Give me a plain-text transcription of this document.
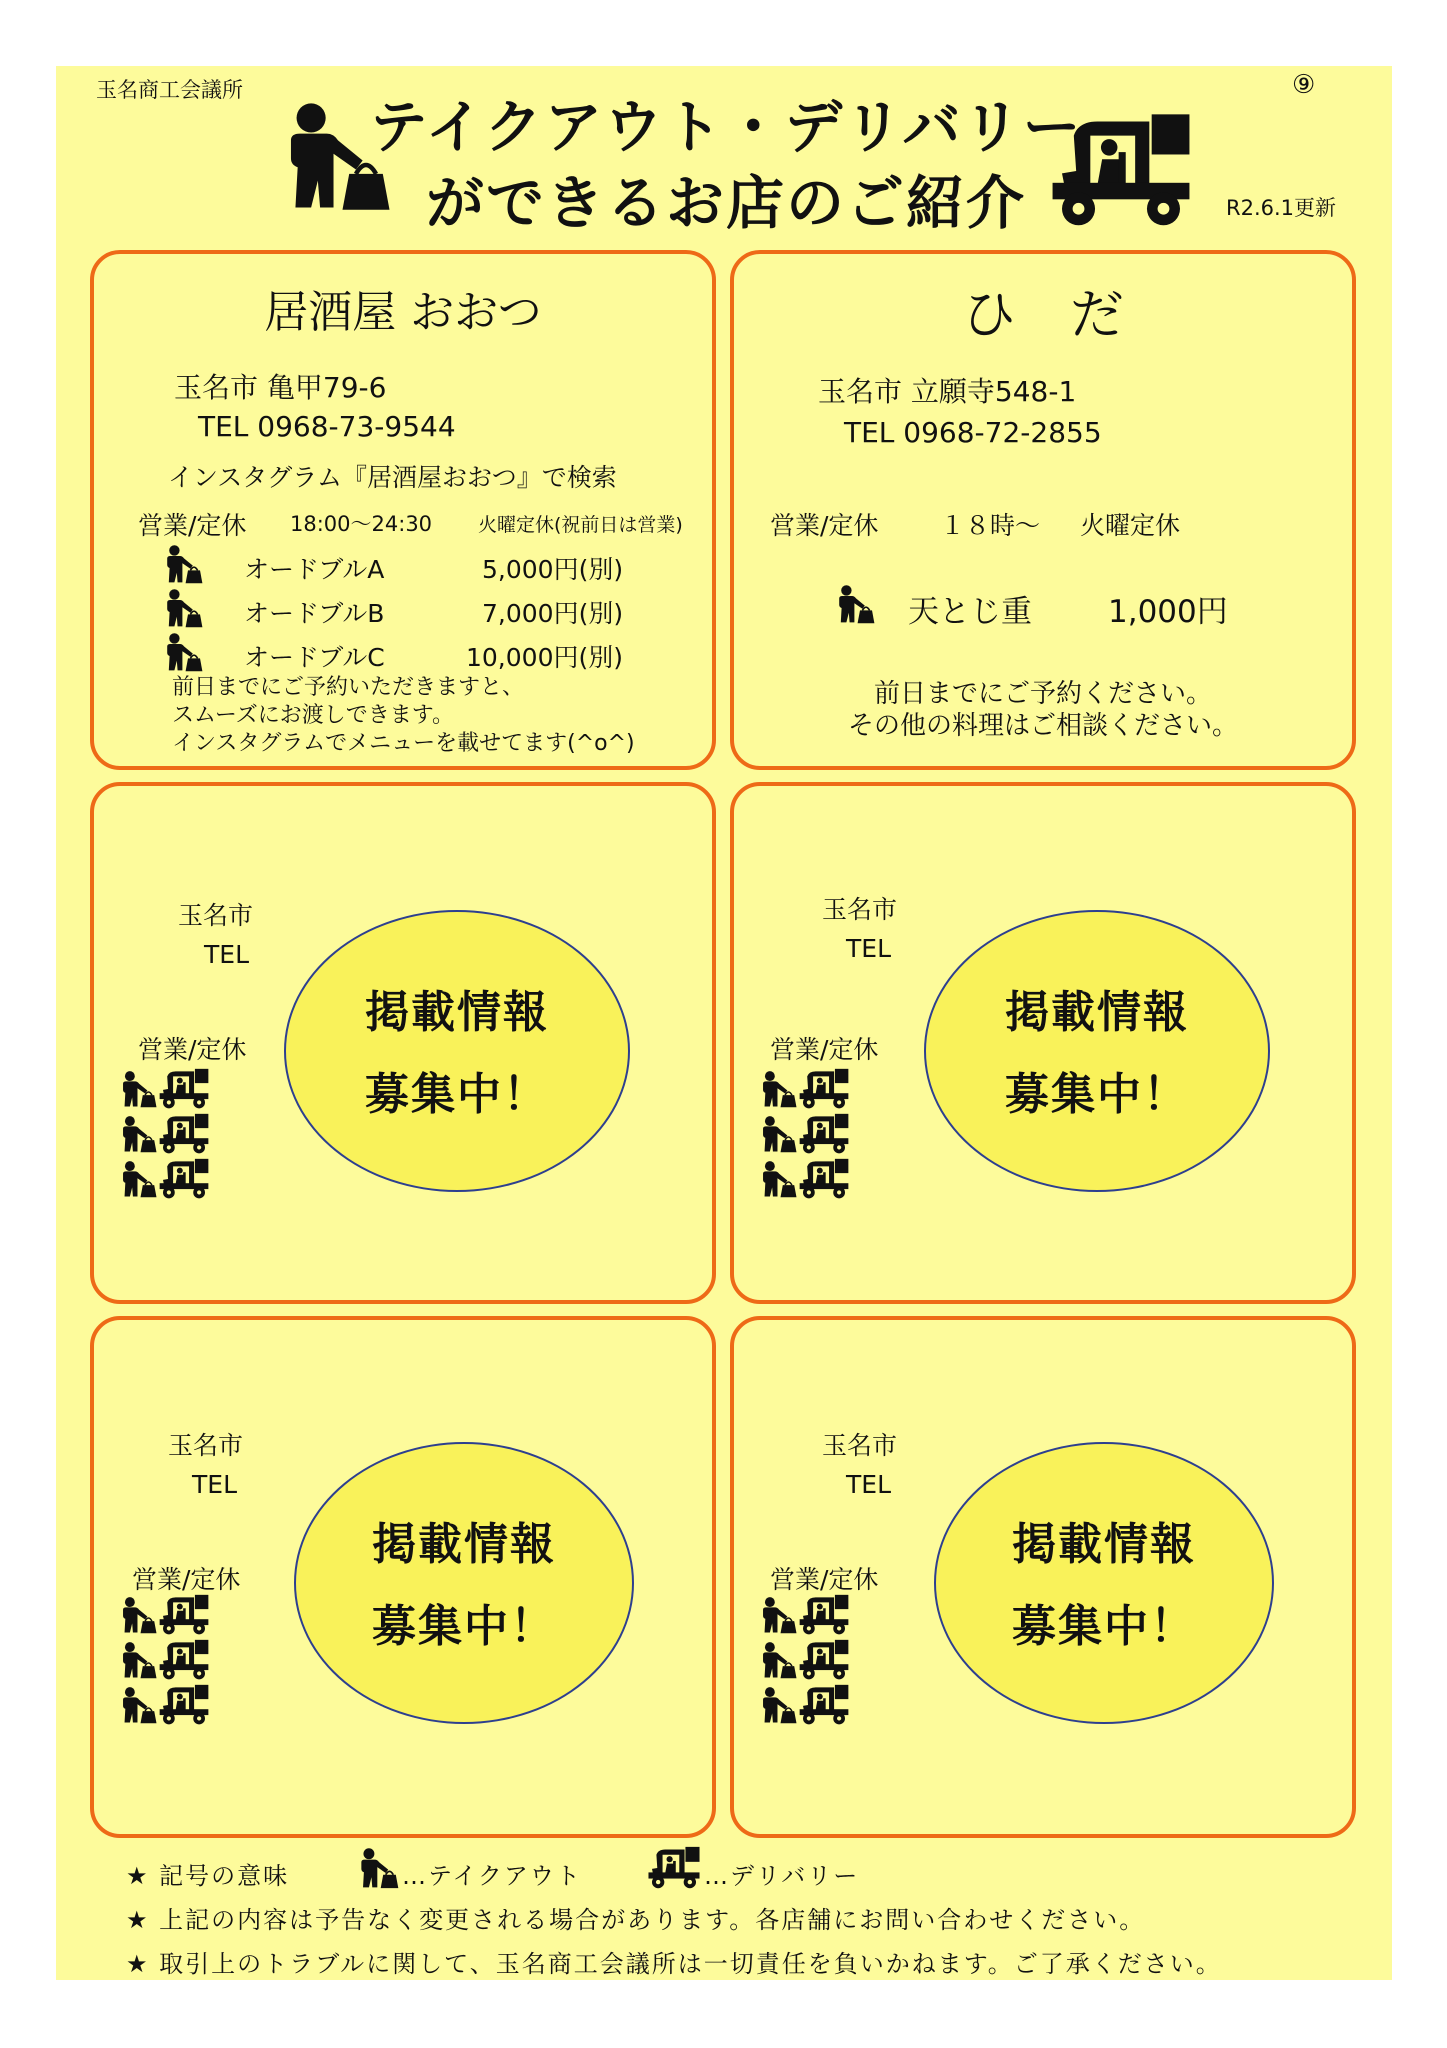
玉名商工会議所	⑨
R2.6.1更新
テイクアウト・デリバリー
ができるお店のご紹介
居酒屋 おおつ
玉名市 亀甲79-6
TEL 0968-73-9544
インスタグラム『居酒屋おおつ』で検索
営業/定休 18:00～24:30 火曜定休(祝前日は営業)
オードブルA	5,000円(別)
オードブルB	7,000円(別)
オードブルC	10,000円(別)
前日までにご予約いただきますと、
スムーズにお渡しできます。
インスタグラムでメニューを載せてます(^o^)
ひ　だ
玉名市 立願寺548-1
TEL 0968-72-2855
営業/定休 １８時～ 火曜定休
天とじ重 1,000円
前日までにご予約ください。
その他の料理はご相談ください。
玉名市
TEL
営業/定休
掲載情報
募集中！
玉名市
TEL
営業/定休
掲載情報
募集中！
玉名市
TEL
営業/定休
掲載情報
募集中！
玉名市
TEL
営業/定休
掲載情報
募集中！
★ 記号の意味	…テイクアウト	…デリバリー
★ 上記の内容は予告なく変更される場合があります。各店舗にお問い合わせください。
★ 取引上のトラブルに関して、玉名商工会議所は一切責任を負いかねます。ご了承ください。
